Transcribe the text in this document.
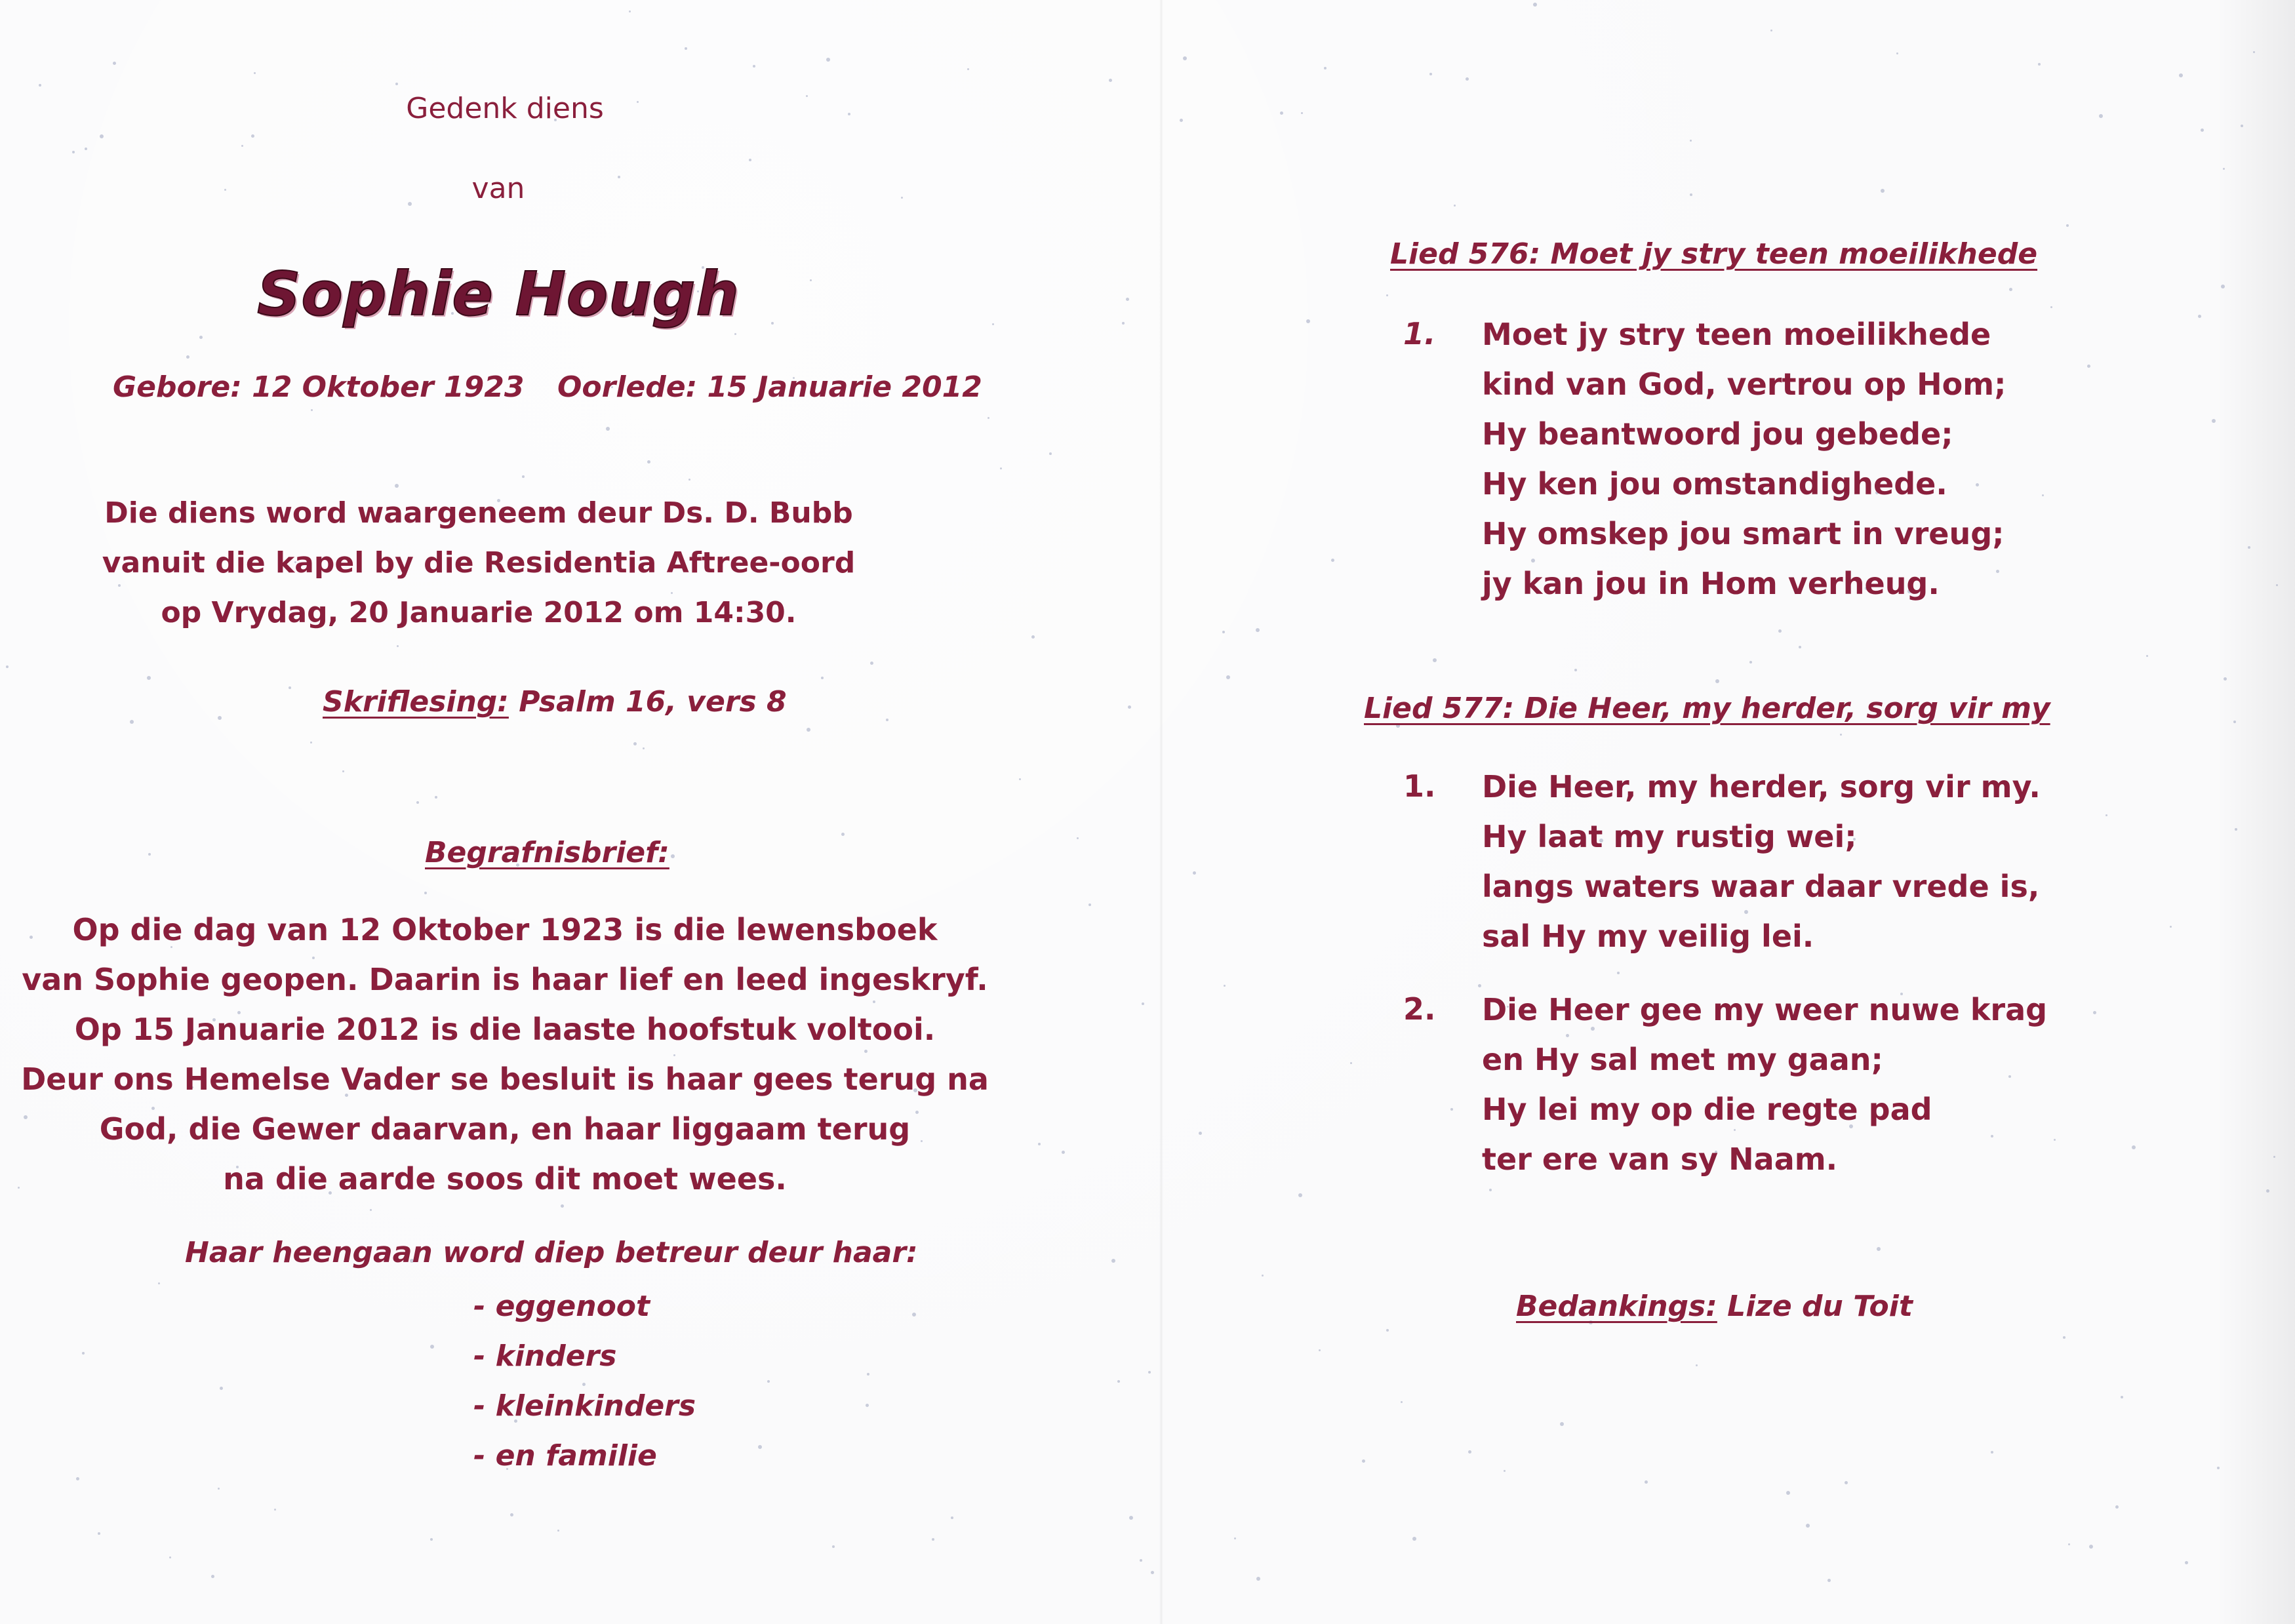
Gedenk diens
van
Sophie Hough
Gebore: 12 Oktober 1923 Oorlede: 15 Januarie 2012
Die diens word waargeneem deur Ds. D. Bubb
vanuit die kapel by die Residentia Aftree-oord
op Vrydag, 20 Januarie 2012 om 14:30.
Skriflesing: Psalm 16, vers 8
Begrafnisbrief:
Op die dag van 12 Oktober 1923 is die lewensboek
van Sophie geopen. Daarin is haar lief en leed ingeskryf.
Op 15 Januarie 2012 is die laaste hoofstuk voltooi.
Deur ons Hemelse Vader se besluit is haar gees terug na
God, die Gewer daarvan, en haar liggaam terug
na die aarde soos dit moet wees.
Haar heengaan word diep betreur deur haar:
- eggenoot
- kinders
- kleinkinders
- en familie
Lied 576: Moet jy stry teen moeilikhede
1. Moet jy stry teen moeilikhede
kind van God, vertrou op Hom;
Hy beantwoord jou gebede;
Hy ken jou omstandighede.
Hy omskep jou smart in vreug;
jy kan jou in Hom verheug.
Lied 577: Die Heer, my herder, sorg vir my
1. Die Heer, my herder, sorg vir my.
Hy laat my rustig wei;
langs waters waar daar vrede is,
sal Hy my veilig lei.
2. Die Heer gee my weer nuwe krag
en Hy sal met my gaan;
Hy lei my op die regte pad
ter ere van sy Naam.
Bedankings: Lize du Toit
